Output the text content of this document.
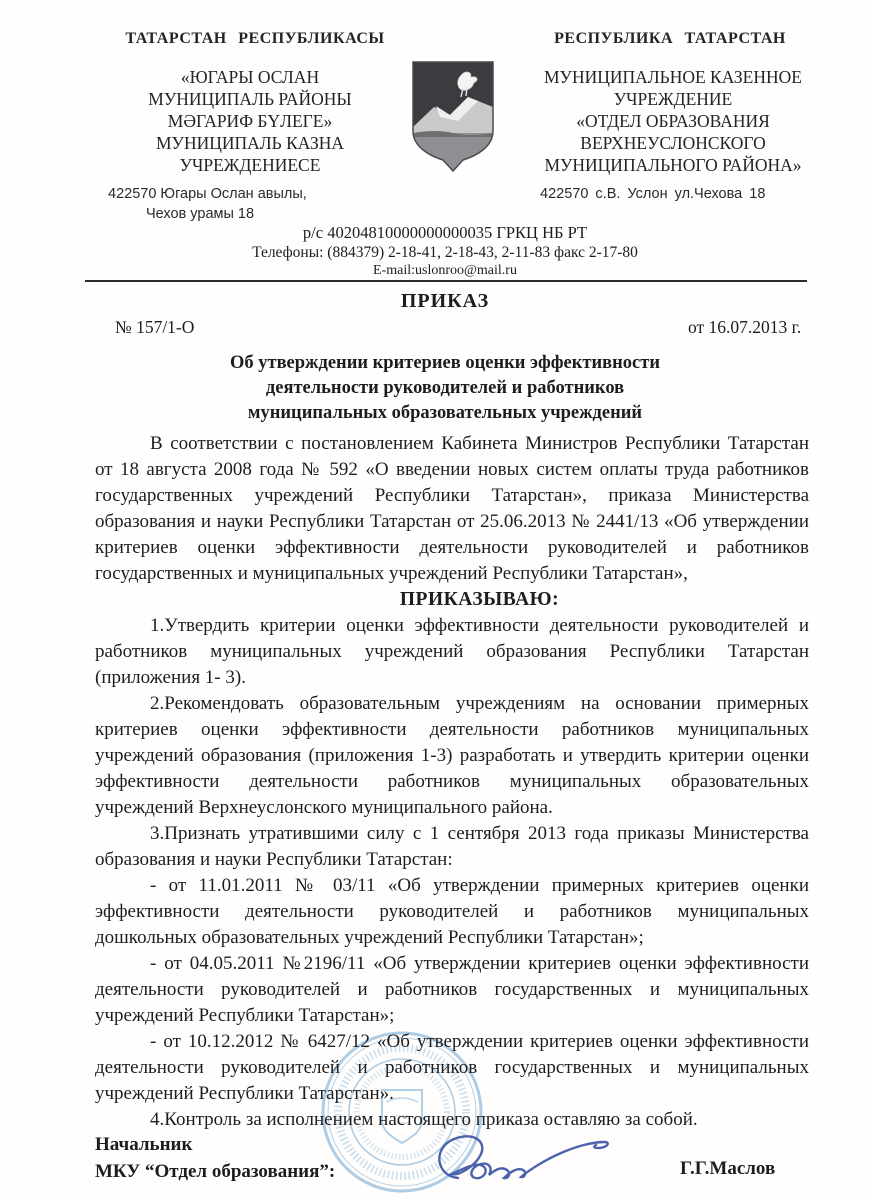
ТАТАРСТАН РЕСПУБЛИКАСЫ	РЕСПУБЛИКА ТАТАРСТАН
«ЮГАРЫ ОСЛАН
МУНИЦИПАЛЬ РАЙОНЫ
МӘГАРИФ БҮЛЕГЕ»
МУНИЦИПАЛЬ КАЗНА
УЧРЕЖДЕНИЕСЕ
МУНИЦИПАЛЬНОЕ КАЗЕННОЕ
УЧРЕЖДЕНИЕ
«ОТДЕЛ ОБРАЗОВАНИЯ
ВЕРХНЕУСЛОНСКОГО
МУНИЦИПАЛЬНОГО РАЙОНА»
422570 Югары Ослан авылы,
Чехов урамы 18
422570 с.В. Услон ул.Чехова 18
р/с 40204810000000000035 ГРКЦ НБ РТ
Телефоны: (884379) 2-18-41, 2-18-43, 2-11-83 факс 2-17-80
E-mail:uslonroo@mail.ru
ПРИКАЗ
№ 157/1-О	от 16.07.2013 г.
Об утверждении критериев оценки эффективности
деятельности руководителей и работников
муниципальных образовательных учреждений

В соответствии с постановлением Кабинета Министров Республики Татарстан от 18 августа 2008 года № 592 «О введении новых систем оплаты труда работников государственных учреждений Республики Татарстан», приказа Министерства образования и науки Республики Татарстан от 25.06.2013 № 2441/13 «Об утверждении критериев оценки эффективности деятельности руководителей и работников государственных и муниципальных учреждений Республики Татарстан»,

ПРИКАЗЫВАЮ:

1.Утвердить критерии оценки эффективности деятельности руководителей и работников муниципальных учреждений образования Республики Татарстан (приложения 1- 3).

2.Рекомендовать образовательным учреждениям на основании примерных критериев оценки эффективности деятельности работников муниципальных учреждений образования (приложения 1-3) разработать и утвердить критерии оценки эффективности деятельности работников муниципальных образовательных учреждений Верхнеуслонского муниципального района.

3.Признать утратившими силу с 1 сентября 2013 года приказы Министерства образования и науки Республики Татарстан:

- от 11.01.2011 № 03/11 «Об утверждении примерных критериев оценки эффективности деятельности руководителей и работников муниципальных дошкольных образовательных учреждений Республики Татарстан»;

- от 04.05.2011 №2196/11 «Об утверждении критериев оценки эффективности деятельности руководителей и работников государственных и муниципальных учреждений Республики Татарстан»;

- от 10.12.2012 № 6427/12 «Об утверждении критериев оценки эффективности деятельности руководителей и работников государственных и муниципальных учреждений Республики Татарстан».

4.Контроль за исполнением настоящего приказа оставляю за собой.

Начальник
МКУ “Отдел образования”:	Г.Г.Маслов
